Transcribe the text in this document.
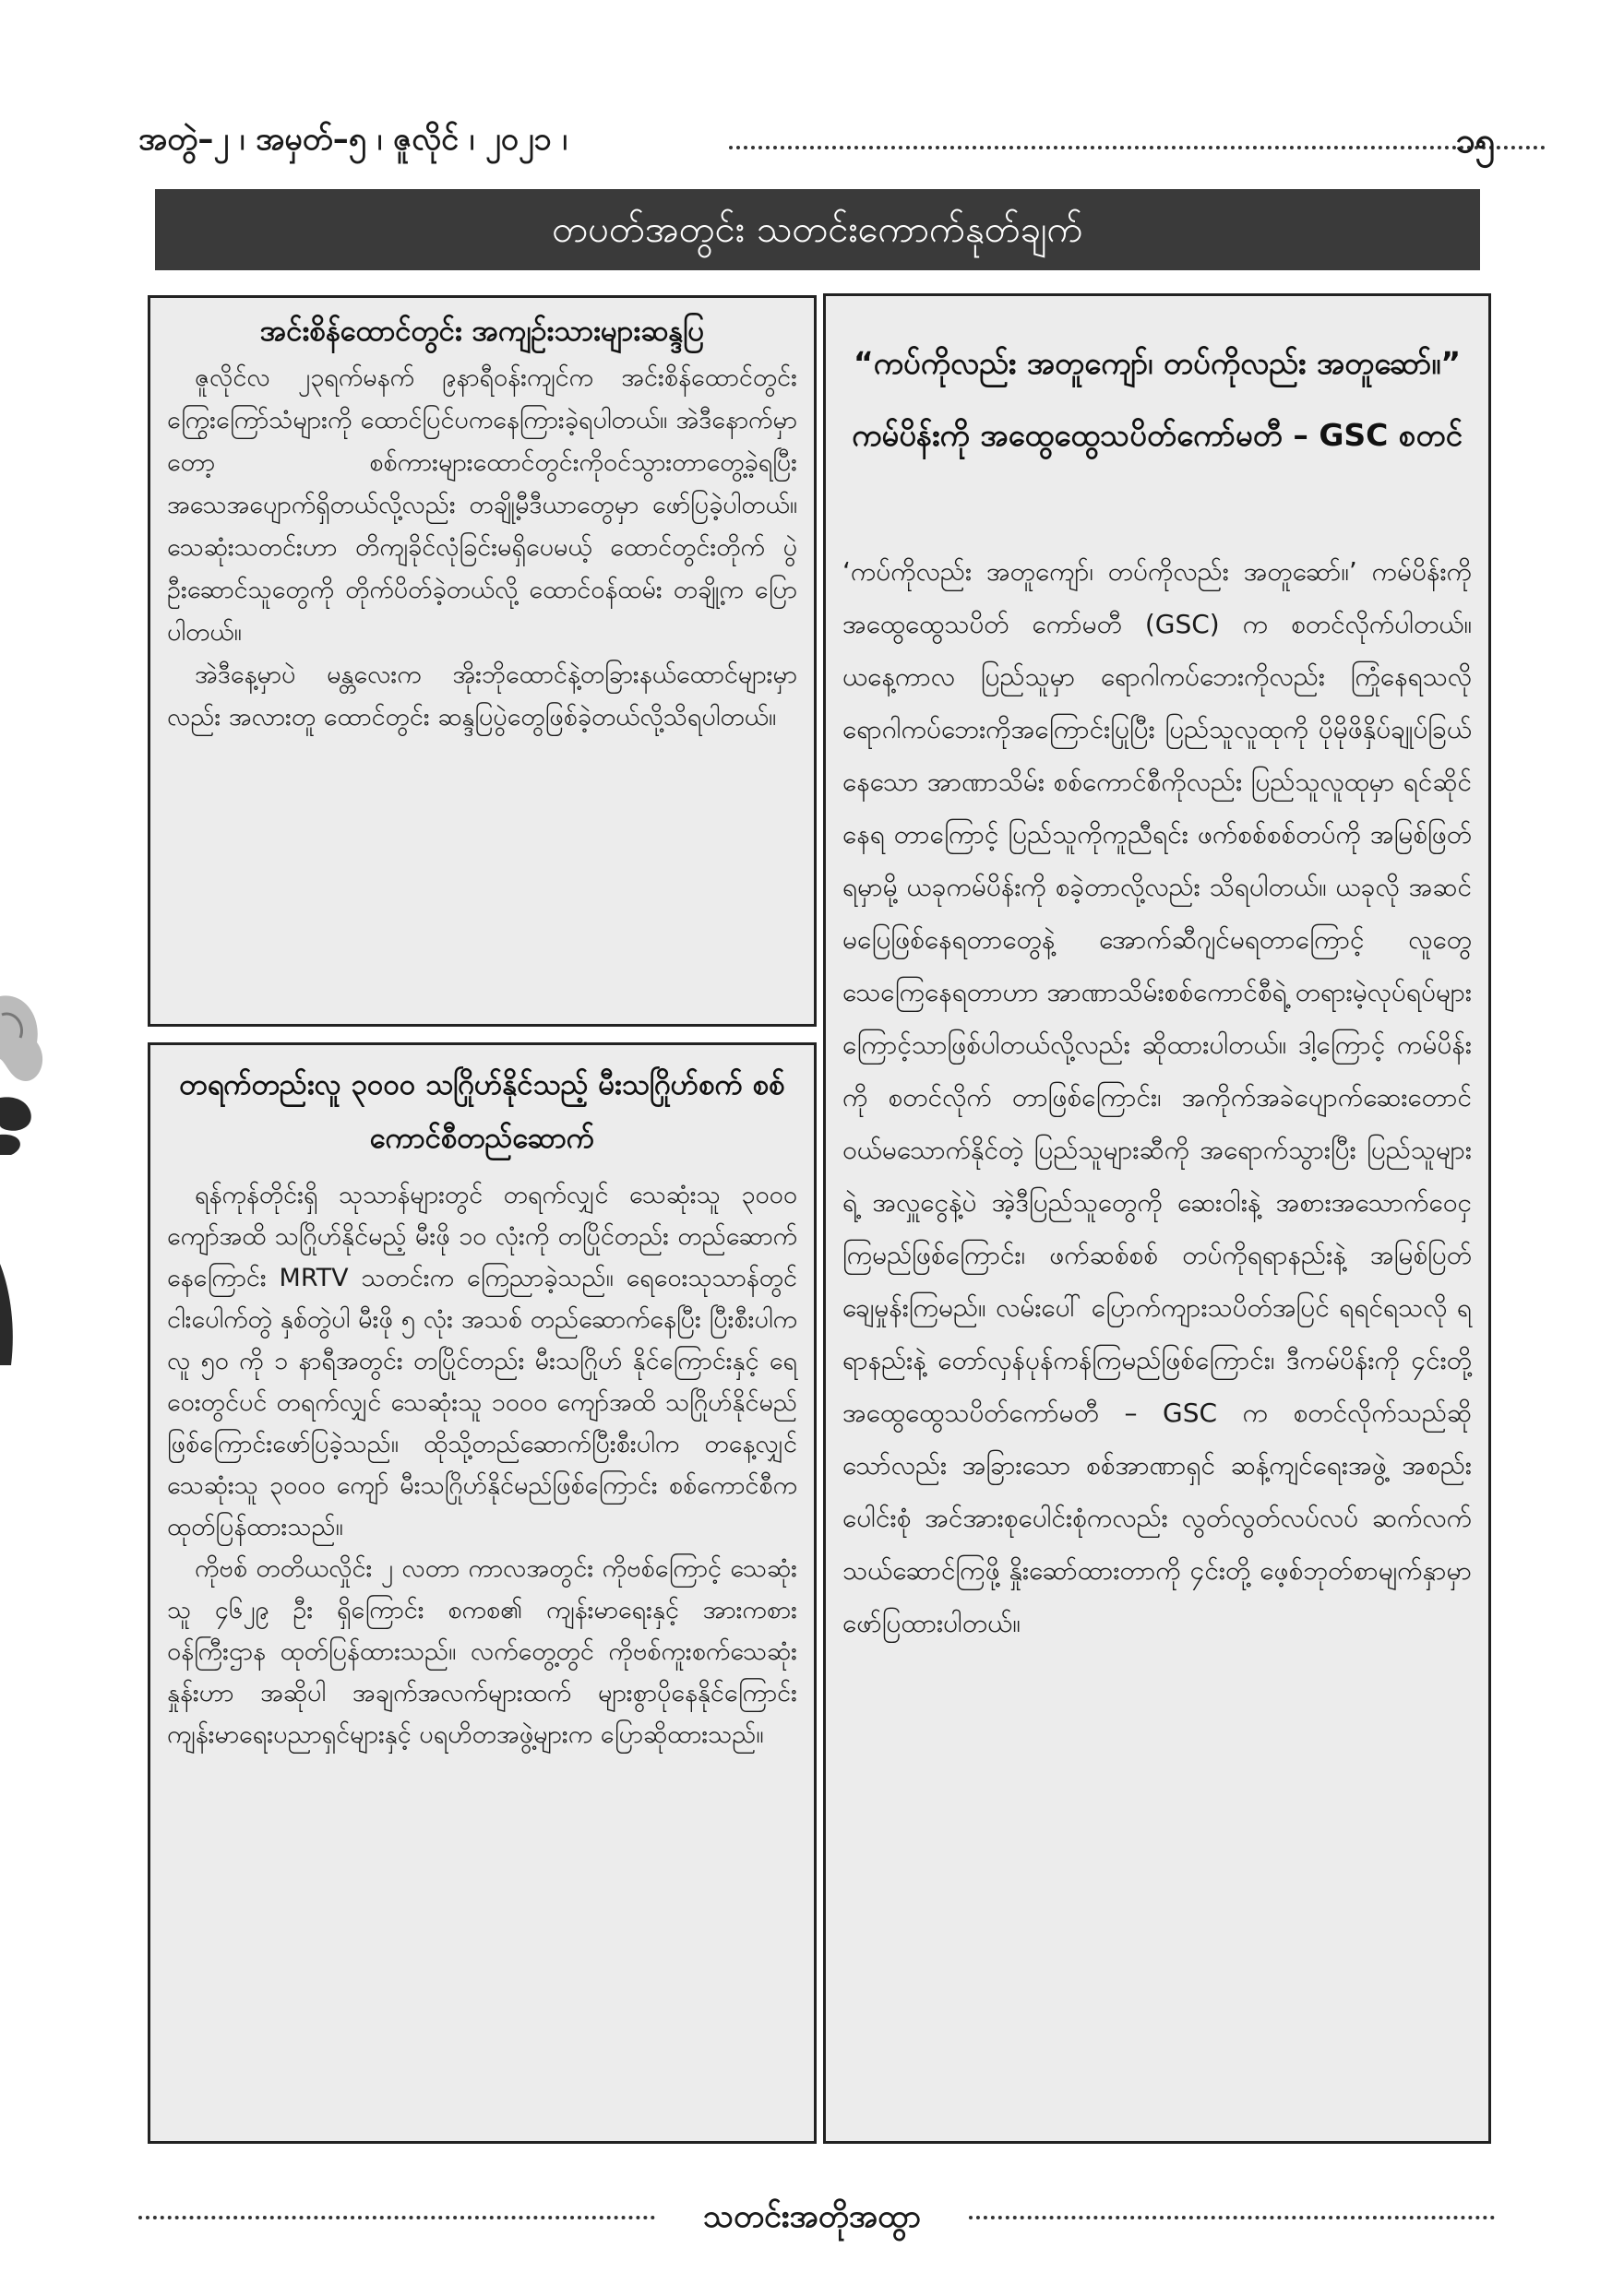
အတွဲ–၂ ၊ အမှတ်–၅ ၊ ဇူလိုင် ၊ ၂၀၂၁ ၊	၁၅
တပတ်အတွင်း သတင်းကောက်နုတ်ချက်
အင်းစိန်ထောင်တွင်း အကျဉ်းသားများဆန္ဒပြ

ဇူလိုင်လ ၂၃ရက်မနက် ၉နာရီဝန်းကျင်က အင်းစိန်ထောင်တွင်းကြွေးကြော်သံများကို ထောင်ပြင်ပကနေကြားခဲ့ရပါတယ်။ အဲဒီနောက်မှာတော့ စစ်ကားများထောင်တွင်းကိုဝင်သွားတာတွေ့ခဲ့ရပြီး အသေအပျောက်ရှိတယ်လို့လည်း တချို့မီဒီယာတွေမှာ ဖော်ပြခဲ့ပါတယ်။ သေဆုံးသတင်းဟာ တိကျခိုင်လုံခြင်းမရှိပေမယ့် ထောင်တွင်းတိုက် ပွဲဦးဆောင်သူတွေကို တိုက်ပိတ်ခဲ့တယ်လို့ ထောင်ဝန်ထမ်း တချို့က ပြောပါတယ်။

အဲဒီနေ့မှာပဲ မန္တလေးက အိုးဘိုထောင်နဲ့တခြားနယ်ထောင်များမှာလည်း အလားတူ ထောင်တွင်း ဆန္ဒပြပွဲတွေဖြစ်ခဲ့တယ်လို့သိရပါတယ်။

တရက်တည်းလူ ၃၀၀၀ သဂြိုဟ်နိုင်သည့် မီးသဂြိုဟ်စက် စစ်ကောင်စီတည်ဆောက်

ရန်ကုန်တိုင်းရှိ သုသာန်များတွင် တရက်လျှင် သေဆုံးသူ ၃၀၀၀ ကျော်အထိ သဂြိုဟ်နိုင်မည့် မီးဖို ၁၀ လုံးကို တပြိုင်တည်း တည်ဆောက်နေကြောင်း MRTV သတင်းက ကြေညာခဲ့သည်။ ရေဝေးသုသာန်တွင် ငါးပေါက်တွဲ နှစ်တွဲပါ မီးဖို ၅ လုံး အသစ် တည်ဆောက်နေပြီး ပြီးစီးပါက လူ ၅၀ ကို ၁ နာရီအတွင်း တပြိုင်တည်း မီးသဂြိုဟ် နိုင်ကြောင်းနှင့် ရေဝေးတွင်ပင် တရက်လျှင် သေဆုံးသူ ၁၀၀၀ ကျော်အထိ သဂြိုဟ်နိုင်မည်ဖြစ်ကြောင်းဖော်ပြခဲ့သည်။ ထိုသို့တည်ဆောက်ပြီးစီးပါက တနေ့လျှင် သေဆုံးသူ ၃၀၀၀ ကျော် မီးသဂြိုဟ်နိုင်မည်ဖြစ်ကြောင်း စစ်ကောင်စီက ထုတ်ပြန်ထားသည်။

ကိုဗစ် တတိယလှိုင်း ၂ လတာ ကာလအတွင်း ကိုဗစ်ကြောင့် သေဆုံးသူ ၄၆၂၉ ဦး ရှိကြောင်း စကစ၏ ကျန်းမာရေးနှင့် အားကစားဝန်ကြီးဌာန ထုတ်ပြန်ထားသည်။ လက်တွေ့တွင် ကိုဗစ်ကူးစက်သေဆုံးနှုန်းဟာ အဆိုပါ အချက်အလက်များထက် များစွာပိုနေနိုင်ကြောင်း ကျန်းမာရေးပညာရှင်များနှင့် ပရဟိတအဖွဲ့များက ပြောဆိုထားသည်။

“ကပ်ကိုလည်း အတူကျော်၊ တပ်ကိုလည်း အတူဆော်။” ကမ်ပိန်းကို အထွေထွေသပိတ်ကော်မတီ – GSC စတင်

‘ကပ်ကိုလည်း အတူကျော်၊ တပ်ကိုလည်း အတူဆော်။’ ကမ်ပိန်းကို အထွေထွေသပိတ် ကော်မတီ (GSC) က စတင်လိုက်ပါတယ်။ ယနေ့ကာလ ပြည်သူမှာ ရောဂါကပ်ဘေးကိုလည်း ကြုံနေရသလို ရောဂါကပ်ဘေးကိုအကြောင်းပြုပြီး ပြည်သူလူထုကို ပိုမိုဖိနှိပ်ချုပ်ခြယ်နေသော အာဏာသိမ်း စစ်ကောင်စီကိုလည်း ပြည်သူလူထုမှာ ရင်ဆိုင်နေရ တာကြောင့် ပြည်သူကိုကူညီရင်း ဖက်စစ်စစ်တပ်ကို အမြစ်ဖြတ်ရမှာမို့ ယခုကမ်ပိန်းကို စခဲ့တာလို့လည်း သိရပါတယ်။ ယခုလို အဆင်မပြေဖြစ်နေရတာတွေနဲ့ အောက်ဆီဂျင်မရတာကြောင့် လူတွေသေကြေနေရတာဟာ အာဏာသိမ်းစစ်ကောင်စီရဲ့ တရားမဲ့လုပ်ရပ်များကြောင့်သာဖြစ်ပါတယ်လို့လည်း ဆိုထားပါတယ်။ ဒါ့ကြောင့် ကမ်ပိန်းကို စတင်လိုက် တာဖြစ်ကြောင်း၊ အကိုက်အခဲပျောက်ဆေးတောင် ဝယ်မသောက်နိုင်တဲ့ ပြည်သူများဆီကို အရောက်သွားပြီး ပြည်သူများရဲ့ အလှူငွေနဲ့ပဲ အဲ့ဒီပြည်သူတွေကို ဆေးဝါးနဲ့ အစားအသောက်ဝေငှကြမည်ဖြစ်ကြောင်း၊ ဖက်ဆစ်စစ် တပ်ကိုရရာနည်းနဲ့ အမြစ်ပြတ်ချေမှုန်းကြမည်။ လမ်းပေါ် ပြောက်ကျားသပိတ်အပြင် ရရင်ရသလို ရရာနည်းနဲ့ တော်လှန်ပုန်ကန်ကြမည်ဖြစ်ကြောင်း၊ ဒီကမ်ပိန်းကို ၄င်းတို့ အထွေထွေသပိတ်ကော်မတီ – GSC က စတင်လိုက်သည်ဆိုသော်လည်း အခြားသော စစ်အာဏာရှင် ဆန့်ကျင်ရေးအဖွဲ့ အစည်းပေါင်းစုံ အင်အားစုပေါင်းစုံကလည်း လွတ်လွတ်လပ်လပ် ဆက်လက်သယ်ဆောင်ကြဖို့ နှိုးဆော်ထားတာကို ၄င်းတို့ ဖေ့စ်ဘုတ်စာမျက်နှာမှာ ဖော်ပြထားပါတယ်။

သတင်းအတိုအထွာ
